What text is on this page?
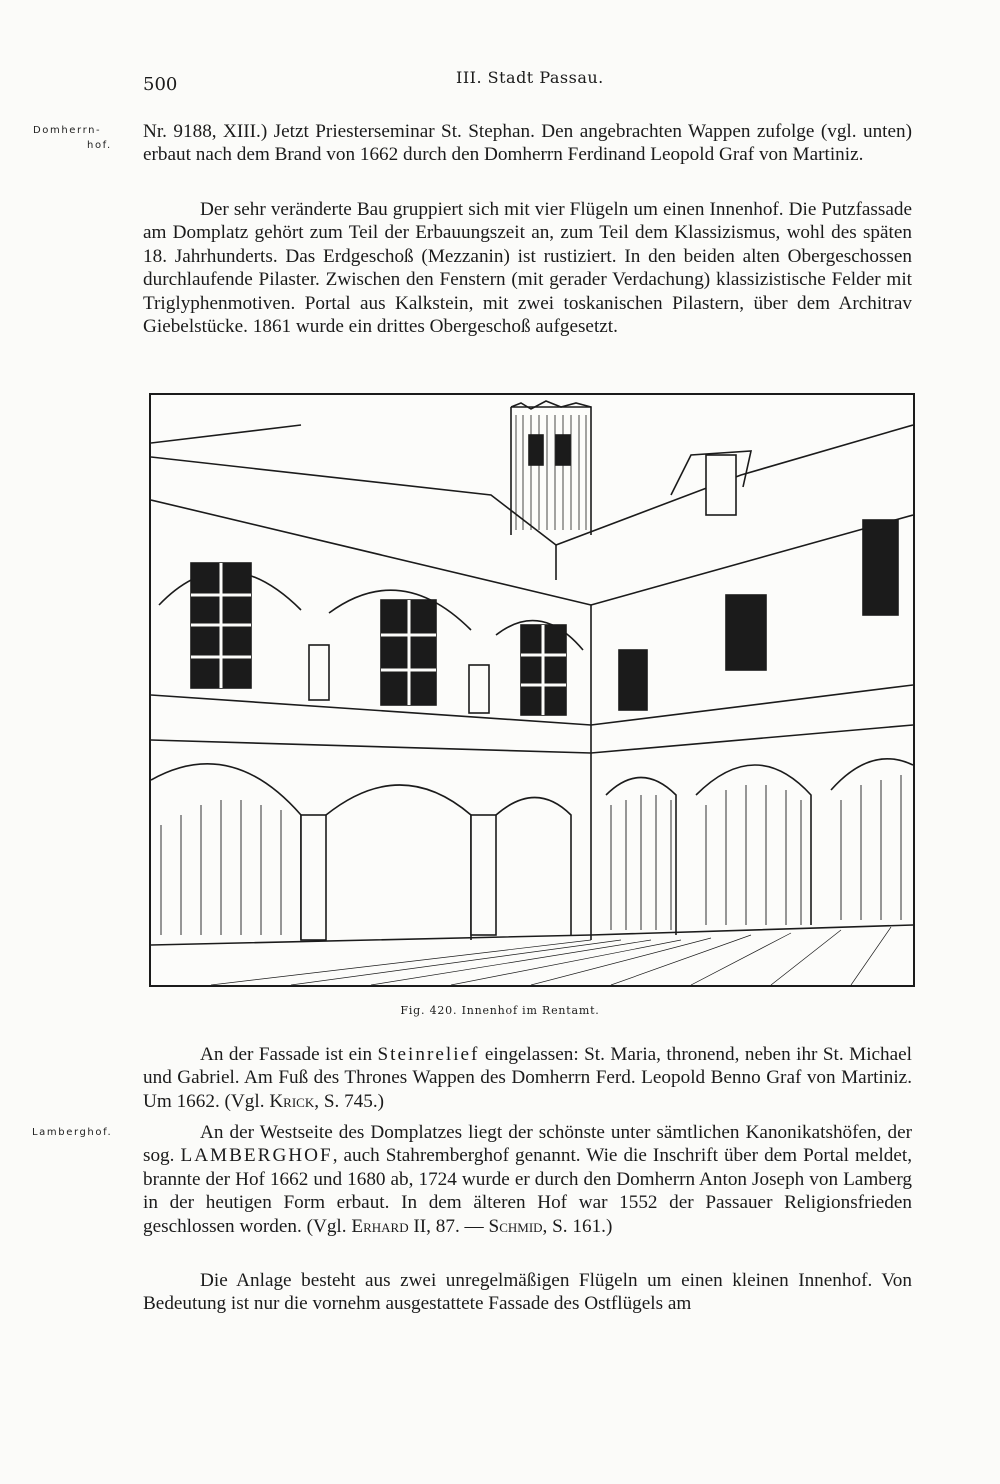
500	III. Stadt Passau.
Domherrn-
hof.

Nr. 9188, XIII.) Jetzt Priesterseminar St. Stephan. Den angebrachten Wappen zufolge (vgl. unten) erbaut nach dem Brand von 1662 durch den Domherrn Ferdinand Leopold Graf von Martiniz.

Der sehr veränderte Bau gruppiert sich mit vier Flügeln um einen Innenhof. Die Putzfassade am Domplatz gehört zum Teil der Erbauungszeit an, zum Teil dem Klassizismus, wohl des späten 18. Jahrhunderts. Das Erdgeschoß (Mezzanin) ist rustiziert. In den beiden alten Obergeschossen durchlaufende Pilaster. Zwischen den Fenstern (mit gerader Verdachung) klassizistische Felder mit Triglyphenmotiven. Portal aus Kalkstein, mit zwei toskanischen Pilastern, über dem Architrav Giebelstücke. 1861 wurde ein drittes Obergeschoß aufgesetzt.

Fig. 420. Innenhof im Rentamt.

An der Fassade ist ein Steinrelief eingelassen: St. Maria, thronend, neben ihr St. Michael und Gabriel. Am Fuß des Thrones Wappen des Domherrn Ferd. Leopold Benno Graf von Martiniz. Um 1662. (Vgl. Krick, S. 745.)

Lamberghof.	An der Westseite des Domplatzes liegt der schönste unter sämtlichen Kanonikatshöfen, der sog. LAMBERGHOF, auch Stahremberghof genannt. Wie die Inschrift über dem Portal meldet, brannte der Hof 1662 und 1680 ab, 1724 wurde er durch den Domherrn Anton Joseph von Lamberg in der heutigen Form erbaut. In dem älteren Hof war 1552 der Passauer Religionsfrieden geschlossen worden. (Vgl. Erhard II, 87. — Schmid, S. 161.)

Die Anlage besteht aus zwei unregelmäßigen Flügeln um einen kleinen Innenhof. Von Bedeutung ist nur die vornehm ausgestattete Fassade des Ostflügels am
